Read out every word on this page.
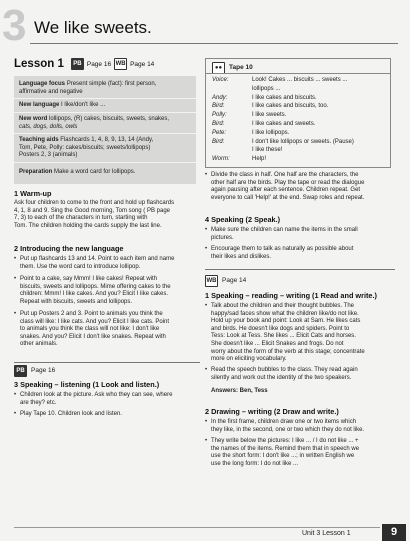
3 We like sweets.
Lesson 1	PB Page 16 WB Page 14
Language focus Present simple (fact): first person,
affirmative and negative
New language I like/don't like ...
New word lollipops, (R) cakes, biscuits, sweets, snakes,
cats, dogs, dolls, owls
Teaching aids Flashcards 1, 4, 8, 9, 13, 14 (Andy,
Tom, Pete, Polly: cakes/biscuits; sweets/lollipops)
Posters 2, 3 (animals)
Preparation Make a word card for lollipops.
1 Warm-up
Ask four children to come to the front and hold up flashcards
4, 1, 8 and 9. Sing the Good morning, Tom song ( PB page
7, 3) to each of the characters in turn, starting with
Tom. The children holding the cards supply the last line.
2 Introducing the new language
• Put up flashcards 13 and 14. Point to each item and name
them. Use the word card to introduce lollipop.
• Point to a cake, say Mmm! I like cakes! Repeat with
biscuits, sweets and lollipops. Mime offering cakes to the
children: Mmm! I like cakes. And you? Elicit I like cakes.
Repeat with biscuits, sweets and lollipops.
• Put up Posters 2 and 3. Point to animals you think the
class will like: I like cats. And you? Elicit I like cats. Point
to animals you think the class will not like: I don't like
snakes. And you? Elicit I don't like snakes. Repeat with
other animals.
PB Page 16
3 Speaking – listening (1 Look and listen.)
• Children look at the picture. Ask who they can see, where
are they? etc.
• Play Tape 10. Children look and listen.
●●	Tape 10
Voice:	Look! Cakes ... biscuits ... sweets ...
lollipops ...
Andy:	I like cakes and biscuits.
Bird:	I like cakes and biscuits, too.
Polly:	I like sweets.
Bird:	I like cakes and sweets.
Pete:	I like lollipops.
Bird:	I don't like lollipops or sweets. (Pause)
I like these!
Worm:	Help!
• Divide the class in half. One half are the characters, the
other half are the birds. Play the tape or read the dialogue
again pausing after each sentence. Children repeat. Get
everyone to call 'Help!' at the end. Swap roles and repeat.
4 Speaking (2 Speak.)
• Make sure the children can name the items in the small
pictures.
• Encourage them to talk as naturally as possible about
their likes and dislikes.
WB Page 14
1 Speaking – reading – writing (1 Read and write.)
• Talk about the children and their thought bubbles. The
happy/sad faces show what the children like/do not like.
Hold up your book and point: Look at Sam. He likes cats
and birds. He doesn't like dogs and spiders. Point to
Tess: Look at Tess. She likes ... Elicit Cats and horses.
She doesn't like ... Elicit Snakes and frogs. Do not
worry about the form of the verb at this stage; concentrate
more on eliciting vocabulary.
• Read the speech bubbles to the class. They read again
silently and work out the identity of the two speakers.
Answers: Ben, Tess
2 Drawing – writing (2 Draw and write.)
• In the first frame, children draw one or two items which
they like, in the second, one or two which they do not like.
• They write below the pictures: I like ... / I do not like ... +
the names of the items. Remind them that in speech we
use the short form: I don't like ...; in written English we
use the long form: I do not like ...
Unit 3 Lesson 1	9
